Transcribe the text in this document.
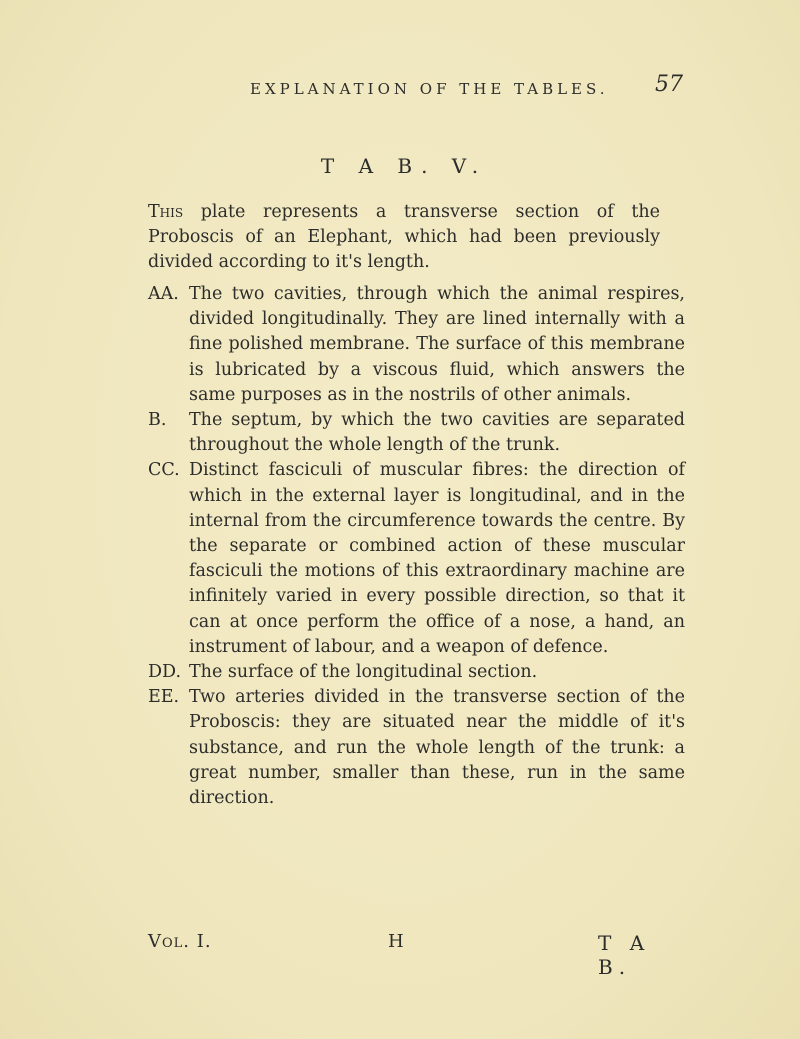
EXPLANATION OF THE TABLES. 57
T A B. V.

This plate represents a transverse section of the Proboscis of an Elephant, which had been previously divided according to it's length.

AA. The two cavities, through which the animal respires, divided longitudinally. They are lined internally with a fine polished membrane. The surface of this membrane is lubricated by a viscous fluid, which answers the same purposes as in the nostrils of other animals.
B.	The septum, by which the two cavities are separated throughout the whole length of the trunk.
CC. Distinct fasciculi of muscular fibres: the direction of which in the external layer is longitudinal, and in the internal from the circumference towards the centre. By the separate or combined action of these muscular fasciculi the motions of this extraordinary machine are infinitely varied in every possible direction, so that it can at once perform the office of a nose, a hand, an instrument of labour, and a weapon of defence.
DD. The surface of the longitudinal section.
EE. Two arteries divided in the transverse section of the Proboscis: they are situated near the middle of it's substance, and run the whole length of the trunk: a great number, smaller than these, run in the same direction.
Vol. I.	H	T A B.
